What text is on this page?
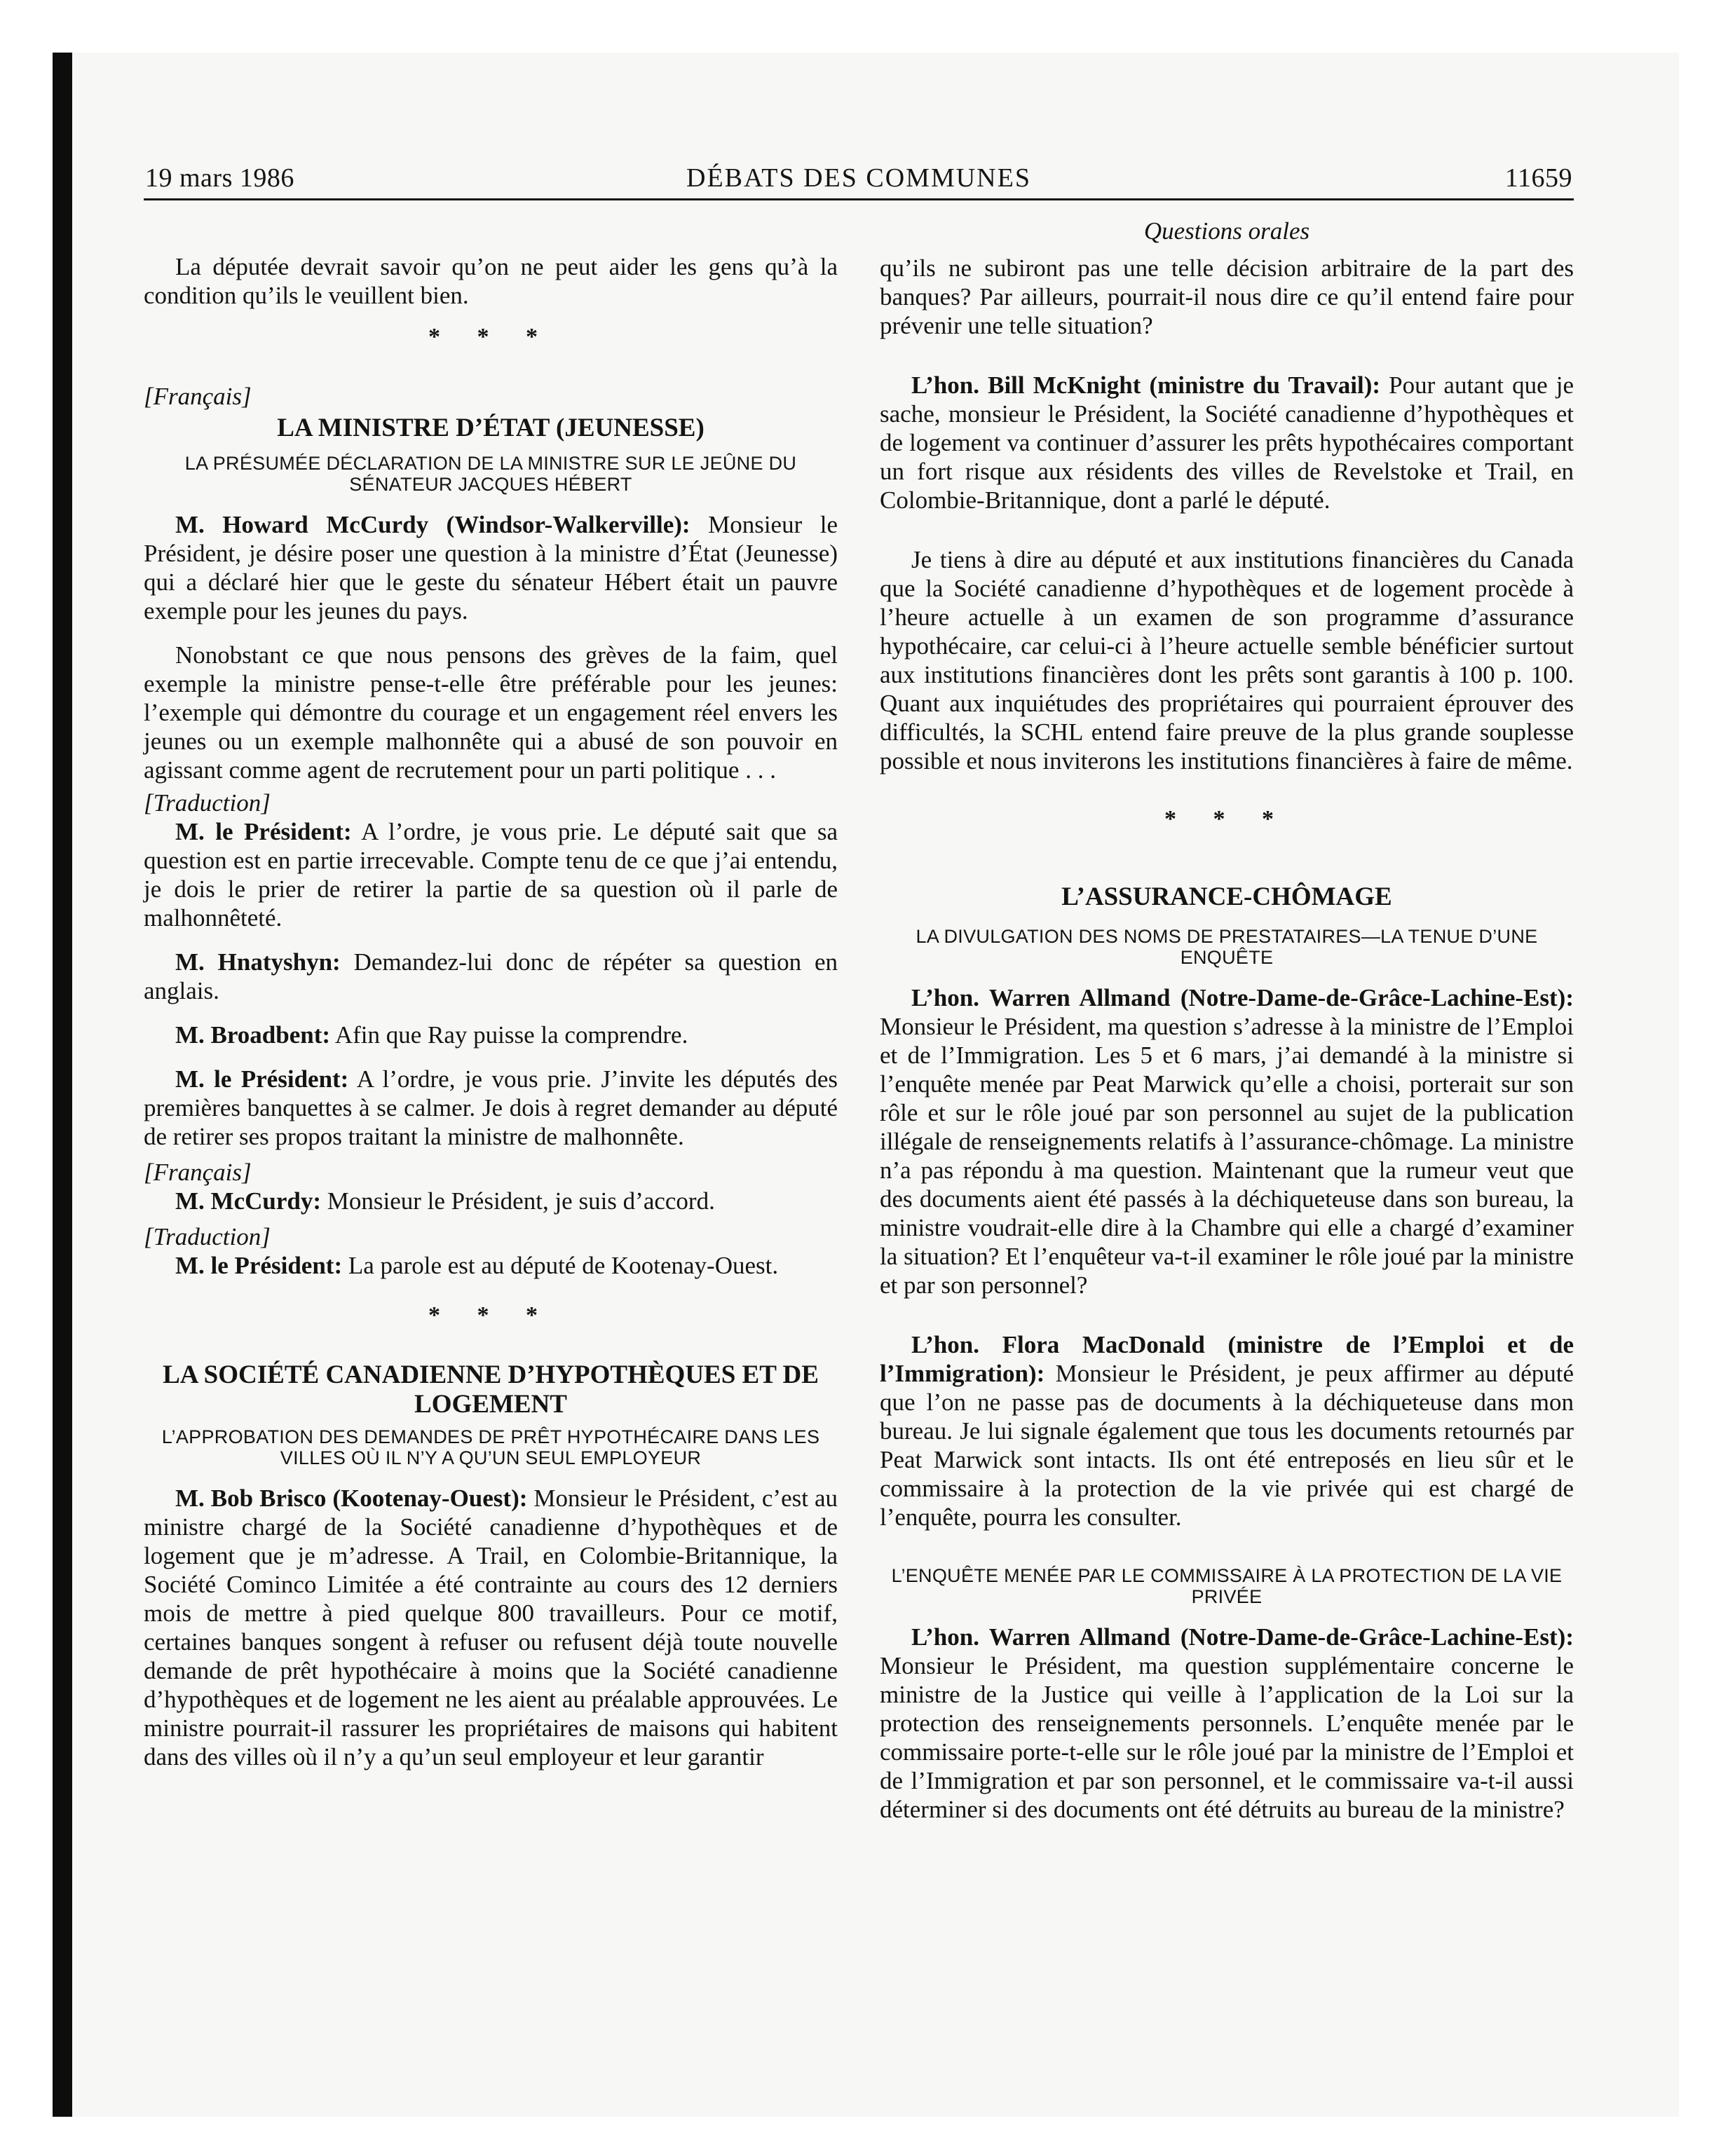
19 mars 1986	DÉBATS DES COMMUNES	11659
Questions orales

La députée devrait savoir qu’on ne peut aider les gens qu’à la condition qu’ils le veuillent bien.

* * *

[Français]

LA MINISTRE D’ÉTAT (JEUNESSE)
LA PRÉSUMÉE DÉCLARATION DE LA MINISTRE SUR LE JEÛNE DU SÉNATEUR JACQUES HÉBERT

M. Howard McCurdy (Windsor-Walkerville): Monsieur le Président, je désire poser une question à la ministre d’État (Jeunesse) qui a déclaré hier que le geste du sénateur Hébert était un pauvre exemple pour les jeunes du pays.

Nonobstant ce que nous pensons des grèves de la faim, quel exemple la ministre pense-t-elle être préférable pour les jeunes: l’exemple qui démontre du courage et un engagement réel envers les jeunes ou un exemple malhonnête qui a abusé de son pouvoir en agissant comme agent de recrutement pour un parti politique . . .

[Traduction]

M. le Président: A l’ordre, je vous prie. Le député sait que sa question est en partie irrecevable. Compte tenu de ce que j’ai entendu, je dois le prier de retirer la partie de sa question où il parle de malhonnêteté.

M. Hnatyshyn: Demandez-lui donc de répéter sa question en anglais.

M. Broadbent: Afin que Ray puisse la comprendre.

M. le Président: A l’ordre, je vous prie. J’invite les députés des premières banquettes à se calmer. Je dois à regret demander au député de retirer ses propos traitant la ministre de malhonnête.

[Français]

M. McCurdy: Monsieur le Président, je suis d’accord.

[Traduction]

M. le Président: La parole est au député de Kootenay-Ouest.

* * *
LA SOCIÉTÉ CANADIENNE D’HYPOTHÈQUES ET DE LOGEMENT
L’APPROBATION DES DEMANDES DE PRÊT HYPOTHÉCAIRE DANS LES VILLES OÙ IL N’Y A QU’UN SEUL EMPLOYEUR

M. Bob Brisco (Kootenay-Ouest): Monsieur le Président, c’est au ministre chargé de la Société canadienne d’hypothèques et de logement que je m’adresse. A Trail, en Colombie-Britannique, la Société Cominco Limitée a été contrainte au cours des 12 derniers mois de mettre à pied quelque 800 travailleurs. Pour ce motif, certaines banques songent à refuser ou refusent déjà toute nouvelle demande de prêt hypothécaire à moins que la Société canadienne d’hypothèques et de logement ne les aient au préalable approuvées. Le ministre pourrait-il rassurer les propriétaires de maisons qui habitent dans des villes où il n’y a qu’un seul employeur et leur garantir

qu’ils ne subiront pas une telle décision arbitraire de la part des banques? Par ailleurs, pourrait-il nous dire ce qu’il entend faire pour prévenir une telle situation?

L’hon. Bill McKnight (ministre du Travail): Pour autant que je sache, monsieur le Président, la Société canadienne d’hypothèques et de logement va continuer d’assurer les prêts hypothécaires comportant un fort risque aux résidents des villes de Revelstoke et Trail, en Colombie-Britannique, dont a parlé le député.

Je tiens à dire au député et aux institutions financières du Canada que la Société canadienne d’hypothèques et de logement procède à l’heure actuelle à un examen de son programme d’assurance hypothécaire, car celui-ci à l’heure actuelle semble bénéficier surtout aux institutions financières dont les prêts sont garantis à 100 p. 100. Quant aux inquiétudes des propriétaires qui pourraient éprouver des difficultés, la SCHL entend faire preuve de la plus grande souplesse possible et nous inviterons les institutions financières à faire de même.

* * *
L’ASSURANCE-CHÔMAGE
LA DIVULGATION DES NOMS DE PRESTATAIRES—LA TENUE D’UNE ENQUÊTE

L’hon. Warren Allmand (Notre-Dame-de-Grâce-Lachine-Est): Monsieur le Président, ma question s’adresse à la ministre de l’Emploi et de l’Immigration. Les 5 et 6 mars, j’ai demandé à la ministre si l’enquête menée par Peat Marwick qu’elle a choisi, porterait sur son rôle et sur le rôle joué par son personnel au sujet de la publication illégale de renseignements relatifs à l’assurance-chômage. La ministre n’a pas répondu à ma question. Maintenant que la rumeur veut que des documents aient été passés à la déchiqueteuse dans son bureau, la ministre voudrait-elle dire à la Chambre qui elle a chargé d’examiner la situation? Et l’enquêteur va-t-il examiner le rôle joué par la ministre et par son personnel?

L’hon. Flora MacDonald (ministre de l’Emploi et de l’Immigration): Monsieur le Président, je peux affirmer au député que l’on ne passe pas de documents à la déchiqueteuse dans mon bureau. Je lui signale également que tous les documents retournés par Peat Marwick sont intacts. Ils ont été entreposés en lieu sûr et le commissaire à la protection de la vie privée qui est chargé de l’enquête, pourra les consulter.

L’ENQUÊTE MENÉE PAR LE COMMISSAIRE À LA PROTECTION DE LA VIE PRIVÉE

L’hon. Warren Allmand (Notre-Dame-de-Grâce-Lachine-Est): Monsieur le Président, ma question supplémentaire concerne le ministre de la Justice qui veille à l’application de la Loi sur la protection des renseignements personnels. L’enquête menée par le commissaire porte-t-elle sur le rôle joué par la ministre de l’Emploi et de l’Immigration et par son personnel, et le commissaire va-t-il aussi déterminer si des documents ont été détruits au bureau de la ministre?
